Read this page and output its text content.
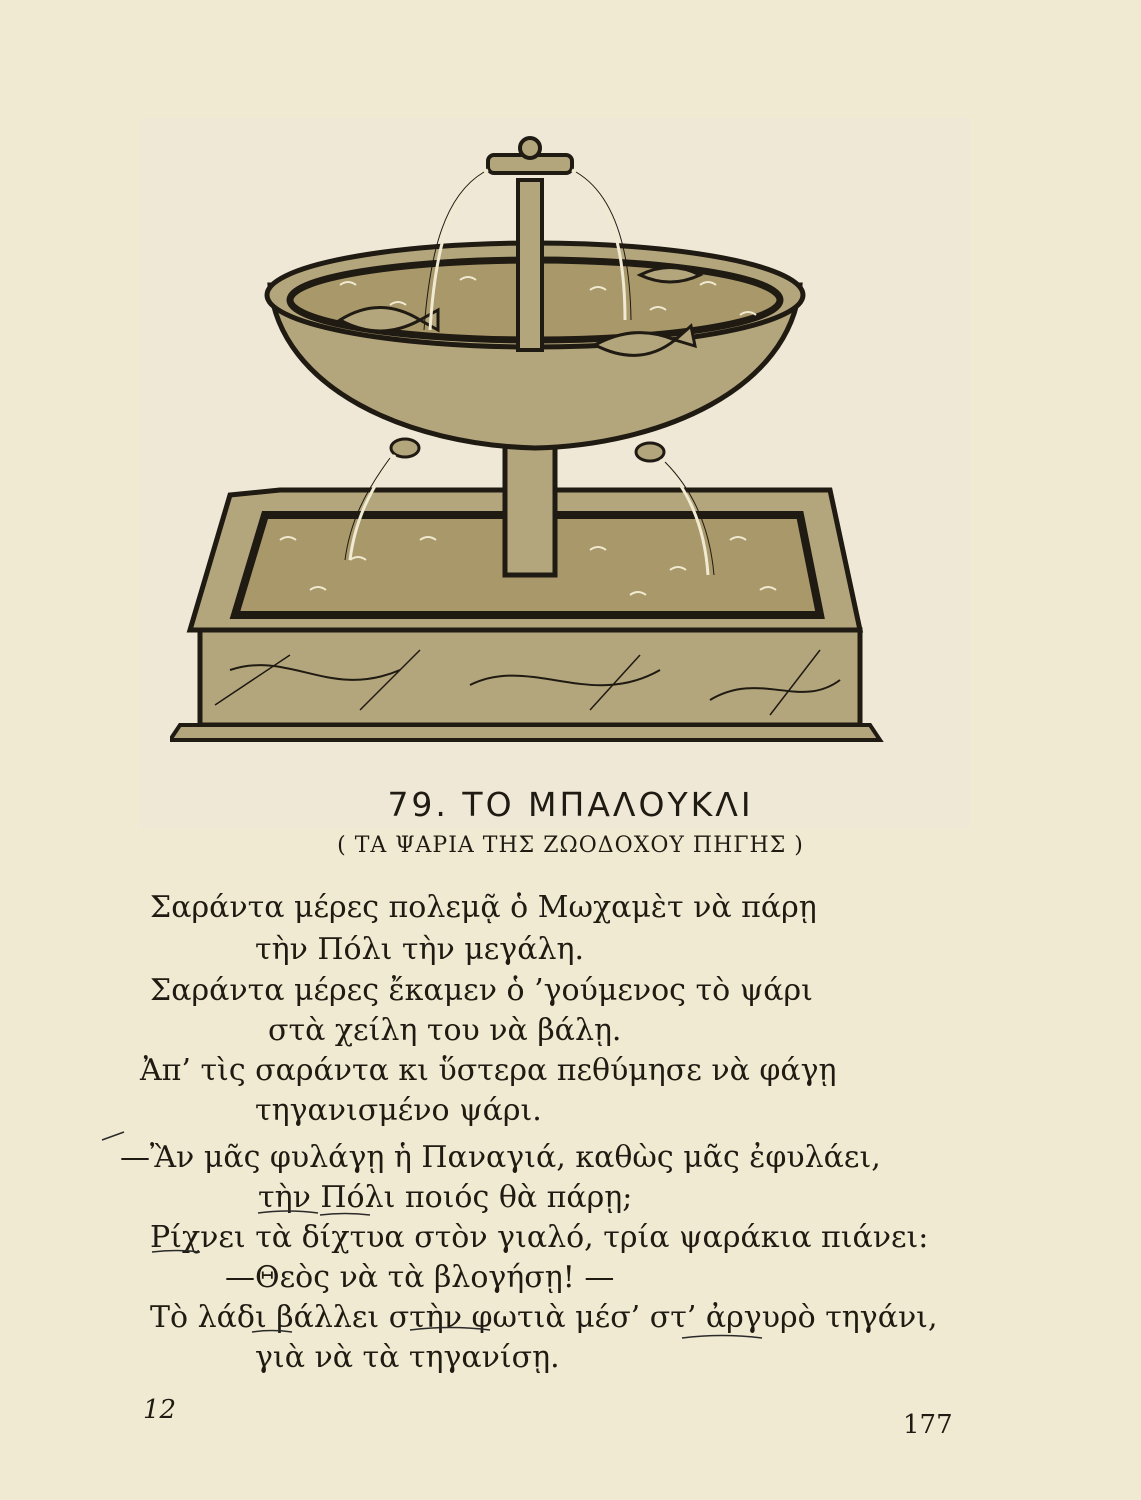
79. ΤΟ ΜΠΑΛΟΥΚΛΙ
( ΤΑ ΨΑΡΙΑ ΤΗΣ ΖΩΟΔΟΧΟΥ ΠΗΓΗΣ )
Σαράντα μέρες πολεμᾷ ὁ Μωχαμὲτ νὰ πάρῃ
τὴν Πόλι τὴν μεγάλη.
Σαράντα μέρες ἔκαμεν ὁ ’γούμενος τὸ ψάρι
στὰ χείλη του νὰ βάλῃ.
Ἀπ’ τὶς σαράντα κι ὕστερα πεθύμησε νὰ φάγῃ
τηγανισμένο ψάρι.
—Ἂν μᾶς φυλάγῃ ἡ Παναγιά, καθὼς μᾶς ἐφυλάει,
τὴν Πόλι ποιός θὰ πάρῃ;
Ρίχνει τὰ δίχτυα στὸν γιαλό, τρία ψαράκια πιάνει:
—Θεὸς νὰ τὰ βλογήσῃ! —
Τὸ λάδι βάλλει στὴν φωτιὰ μέσ’ στ’ ἀργυρὸ τηγάνι,
γιὰ νὰ τὰ τηγανίσῃ.
12	177
